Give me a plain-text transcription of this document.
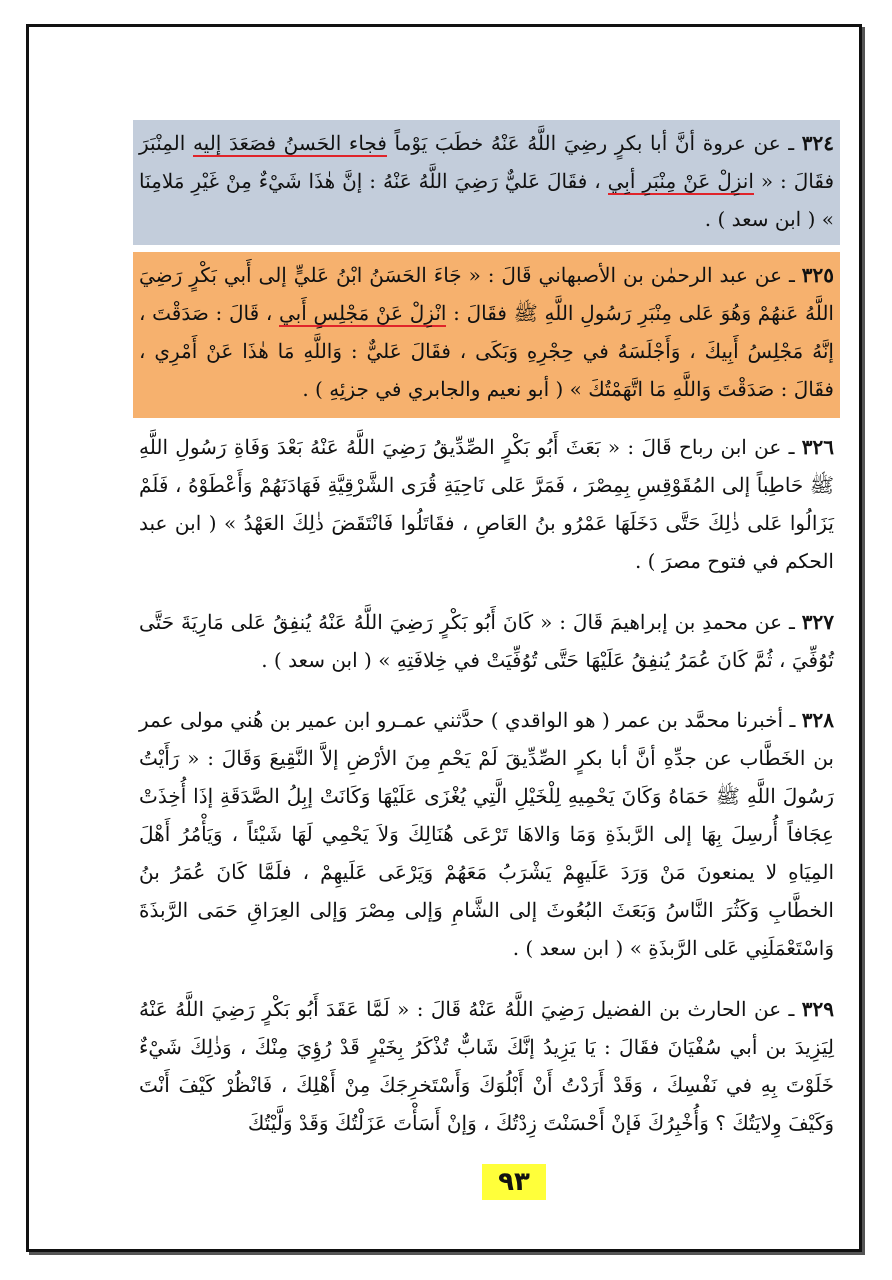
٣٢٤ ـ عن عروة أنَّ أبا بكرٍ رضِيَ اللَّهُ عَنْهُ خطَبَ يَوْماً فجاء الحَسنُ فصَعَدَ إليه المِنْبَرَ فقَالَ : « انزِلْ عَنْ مِنْبَرِ أبِي ، فقَالَ عَليٌّ رَضِيَ اللَّهُ عَنْهُ : إنَّ هٰذَا شَيْءٌ مِنْ غَيْرِ مَلامِنَا » ( ابن سعد ) .
٣٢٥ ـ عن عبد الرحمٰن بن الأصبهاني قَالَ : « جَاءَ الحَسَنُ ابْنُ عَليٍّ إلى أَبي بَكْرٍ رَضِيَ اللَّهُ عَنهُمْ وَهُوَ عَلى مِنْبَرِ رَسُولِ اللَّهِ ﷺ فقَالَ : انْزِلْ عَنْ مَجْلِسِ أَبي ، قَالَ : صَدَقْتَ ، إنَّهُ مَجْلِسُ أَبِيكَ ، وَأَجْلَسَهُ في حِجْرِهِ وَبَكَى ، فقَالَ عَليٌّ : وَاللَّهِ مَا هٰذَا عَنْ أَمْرِي ، فقَالَ : صَدَقْتَ وَاللَّهِ مَا اتَّهَمْتُكَ » ( أبو نعيم والجابري في جزئِهِ ) .
٣٢٦ ـ عن ابن رباح قَالَ : « بَعَثَ أَبُو بَكْرٍ الصِّدِّيقُ رَضِيَ اللَّهُ عَنْهُ بَعْدَ وَفَاةِ رَسُولِ اللَّهِ ﷺ حَاطِباً إلى المُقَوْقِسِ بِمِصْرَ ، فَمَرَّ عَلى نَاحِيَةِ قُرَى الشَّرْقِيَّةِ فَهَادَنَهُمْ وَأَعْطَوْهُ ، فَلَمْ يَزَالُوا عَلى ذٰلِكَ حَتَّى دَخَلَهَا عَمْرُو بنُ العَاصِ ، فقَاتَلُوا فَانْتَقَضَ ذٰلِكَ العَهْدُ » ( ابن عبد الحكم في فتوح مصرَ ) .
٣٢٧ ـ عن محمدِ بن إبراهيمَ قَالَ : « كَانَ أَبُو بَكْرٍ رَضِيَ اللَّهُ عَنْهُ يُنفِقُ عَلى مَارِيَةَ حَتَّى تُوُفِّيَ ، ثُمَّ كَانَ عُمَرُ يُنفِقُ عَلَيْهَا حَتَّى تُوُفِّيَتْ في خِلافَتِهِ » ( ابن سعد ) .
٣٢٨ ـ أخبرنا محمَّد بن عمر ( هو الواقدي ) حدَّثني عمـرو ابن عمير بن هُني مولى عمر بن الخَطَّاب عن جدِّهِ أنَّ أبا بكرٍ الصِّدِّيقَ لَمْ يَحْمِ مِنَ الأرْضِ إلاَّ النَّقِيعَ وَقَالَ : « رَأَيْتُ رَسُولَ اللَّهِ ﷺ حَمَاهُ وَكَانَ يَحْمِيهِ لِلْخَيْلِ الَّتِي يُغْزَى عَلَيْهَا وَكَانَتْ إبِلُ الصَّدَقَةِ إذَا أُخِذَتْ عِجَافاً أُرسِلَ بِهَا إلى الرَّبذَةِ وَمَا وَالاهَا تَرْعَى هُنَالِكَ وَلاَ يَحْمِي لَهَا شَيْئاً ، وَيَأْمُرُ أَهْلَ المِيَاهِ لا يمنعونَ مَنْ وَرَدَ عَلَيهِمْ يَشْرَبُ مَعَهُمْ وَيَرْعَى عَلَيهِمْ ، فلَمَّا كَانَ عُمَرُ بنُ الخطَّابِ وَكَثُرَ النَّاسُ وَبَعَثَ البُعُوثَ إلى الشَّامِ وَإلى مِصْرَ وَإلى العِرَاقِ حَمَى الرَّبذَةَ وَاسْتَعْمَلَنِي عَلى الرَّبذَةِ » ( ابن سعد ) .
٣٢٩ ـ عن الحارث بن الفضيل رَضِيَ اللَّهُ عَنْهُ قَالَ : « لَمَّا عَقَدَ أَبُو بَكْرٍ رَضِيَ اللَّهُ عَنْهُ لِيَزِيدَ بن أبي سُفْيَانَ فقَالَ : يَا يَزِيدُ إنَّكَ شَابٌّ تُذْكَرُ بِخَيْرٍ قَدْ رُؤِيَ مِنْكَ ، وَذٰلِكَ شَيْءٌ خَلَوْتَ بِهِ في نَفْسِكَ ، وَقَدْ أَرَدْتُ أَنْ أَبْلُوَكَ وَأَسْتَخرِجَكَ مِنْ أَهْلِكَ ، فَانْظُرْ كَيْفَ أَنْتَ وَكَيْفَ وِلايَتُكَ ؟ وَأُخْبِرُكَ فَإنْ أَحْسَنْتَ زِدْتُكَ ، وَإنْ أَسَأْتَ عَزَلْتُكَ وَقَدْ وَلَّيْتُكَ
٩٣
